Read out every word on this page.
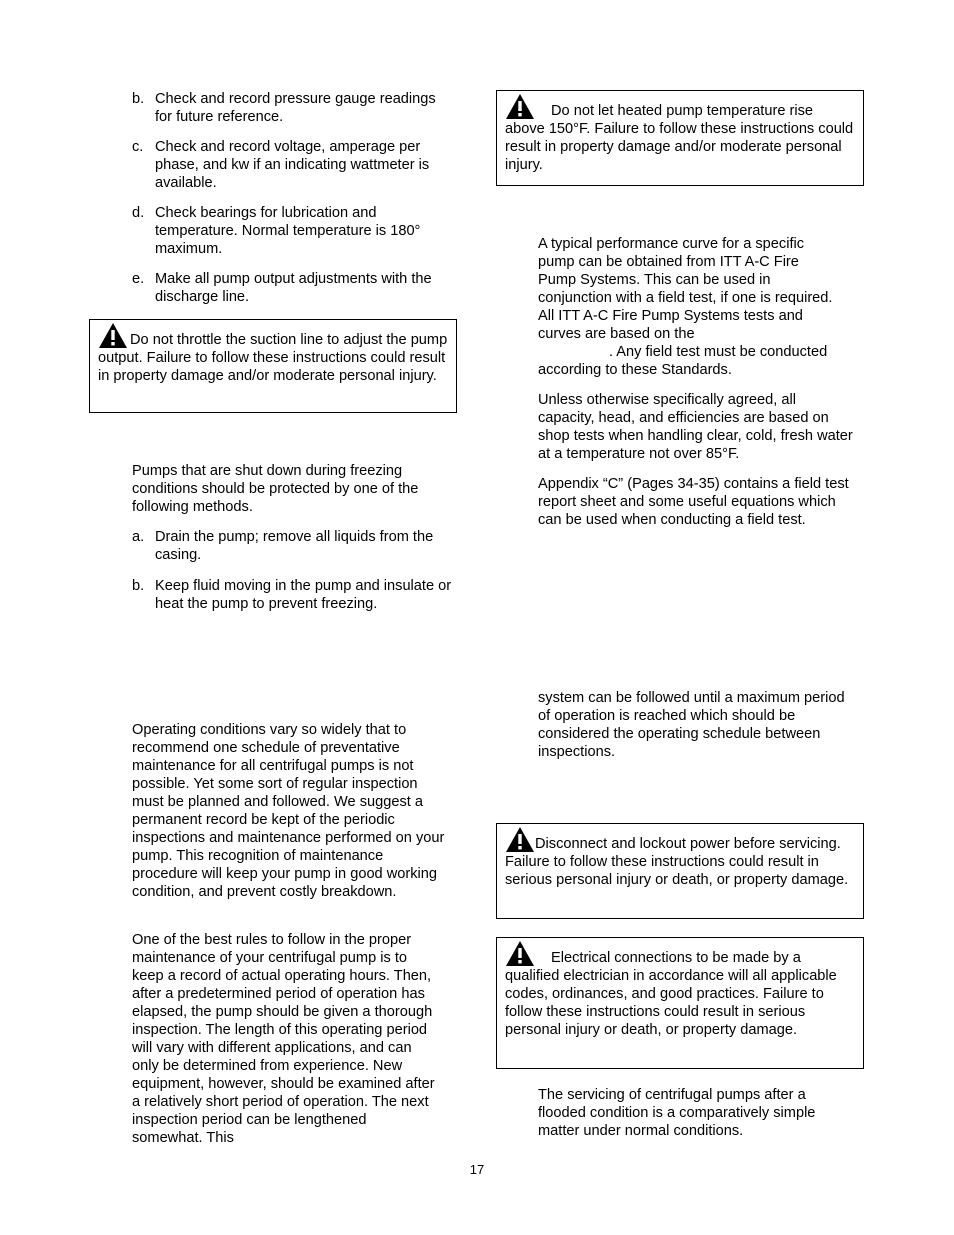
b. Check and record pressure gauge readings for future reference.
c. Check and record voltage, amperage per phase, and kw if an indicating wattmeter is available.
d. Check bearings for lubrication and temperature. Normal temperature is 180° maximum.
e. Make all pump output adjustments with the discharge line.
Do not throttle the suction line to adjust the pump output. Failure to follow these instructions could result in property damage and/or moderate personal injury.

Pumps that are shut down during freezing conditions should be protected by one of the following methods.

a. Drain the pump; remove all liquids from the casing.
b. Keep fluid moving in the pump and insulate or heat the pump to prevent freezing.

Operating conditions vary so widely that to recommend one schedule of preventative maintenance for all centrifugal pumps is not possible. Yet some sort of regular inspection must be planned and followed. We suggest a permanent record be kept of the periodic inspections and maintenance performed on your pump. This recognition of maintenance procedure will keep your pump in good working condition, and prevent costly breakdown.

One of the best rules to follow in the proper maintenance of your centrifugal pump is to keep a record of actual operating hours. Then, after a predetermined period of operation has elapsed, the pump should be given a thorough inspection. The length of this operating period will vary with different applications, and can only be determined from experience. New equipment, however, should be examined after a relatively short period of operation. The next inspection period can be lengthened somewhat. This

Do not let heated pump temperature rise above 150°F. Failure to follow these instructions could result in property damage and/or moderate personal injury.
A typical performance curve for a specific
pump can be obtained from ITT A-C Fire
Pump Systems. This can be used in
conjunction with a field test, if one is required.
All ITT A-C Fire Pump Systems tests and
curves are based on the
. Any field test must be conducted according to these Standards.

Unless otherwise specifically agreed, all capacity, head, and efficiencies are based on shop tests when handling clear, cold, fresh water at a temperature not over 85°F.

Appendix “C” (Pages 34-35) contains a field test report sheet and some useful equations which can be used when conducting a field test.

system can be followed until a maximum period of operation is reached which should be considered the operating schedule between inspections.

Disconnect and lockout power before servicing. Failure to follow these instructions could result in serious personal injury or death, or property damage.
Electrical connections to be made by a qualified electrician in accordance will all applicable codes, ordinances, and good practices. Failure to follow these instructions could result in serious personal injury or death, or property damage.

The servicing of centrifugal pumps after a flooded condition is a comparatively simple matter under normal conditions.

17
